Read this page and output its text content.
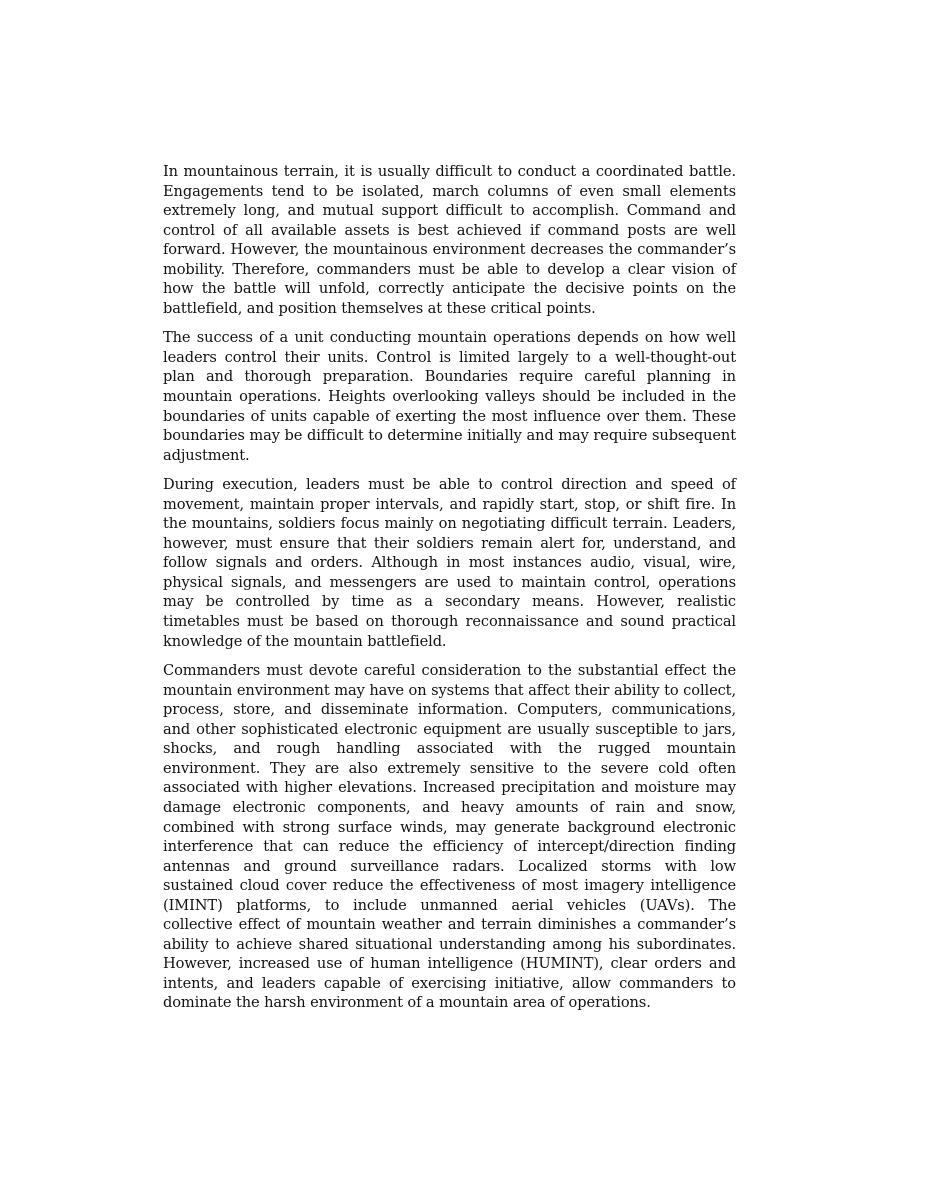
In mountainous terrain, it is usually difficult to conduct a coordinated battle. Engagements tend to be isolated, march columns of even small elements extremely long, and mutual support difficult to accomplish. Command and control of all available assets is best achieved if command posts are well forward. However, the mountainous environment decreases the commander’s mobility. Therefore, commanders must be able to develop a clear vision of how the battle will unfold, correctly anticipate the decisive points on the battlefield, and position themselves at these critical points.

The success of a unit conducting mountain operations depends on how well leaders control their units. Control is limited largely to a well-thought-out plan and thorough preparation. Boundaries require careful planning in mountain operations. Heights overlooking valleys should be included in the boundaries of units capable of exerting the most influence over them. These boundaries may be difficult to determine initially and may require subsequent adjustment.

During execution, leaders must be able to control direction and speed of movement, maintain proper intervals, and rapidly start, stop, or shift fire. In the mountains, soldiers focus mainly on negotiating difficult terrain. Leaders, however, must ensure that their soldiers remain alert for, understand, and follow signals and orders. Although in most instances audio, visual, wire, physical signals, and messengers are used to maintain control, operations may be controlled by time as a secondary means. However, realistic timetables must be based on thorough reconnaissance and sound practical knowledge of the mountain battlefield.

Commanders must devote careful consideration to the substantial effect the mountain environment may have on systems that affect their ability to collect, process, store, and disseminate information. Computers, communications, and other sophisticated electronic equipment are usually susceptible to jars, shocks, and rough handling associated with the rugged mountain environment. They are also extremely sensitive to the severe cold often associated with higher elevations. Increased precipitation and moisture may damage electronic components, and heavy amounts of rain and snow, combined with strong surface winds, may generate background electronic interference that can reduce the efficiency of intercept/direction finding antennas and ground surveillance radars. Localized storms with low sustained cloud cover reduce the effectiveness of most imagery intelligence (IMINT) platforms, to include unmanned aerial vehicles (UAVs). The collective effect of mountain weather and terrain diminishes a commander’s ability to achieve shared situational understanding among his subordinates. However, increased use of human intelligence (HUMINT), clear orders and intents, and leaders capable of exercising initiative, allow commanders to dominate the harsh environment of a mountain area of operations.
